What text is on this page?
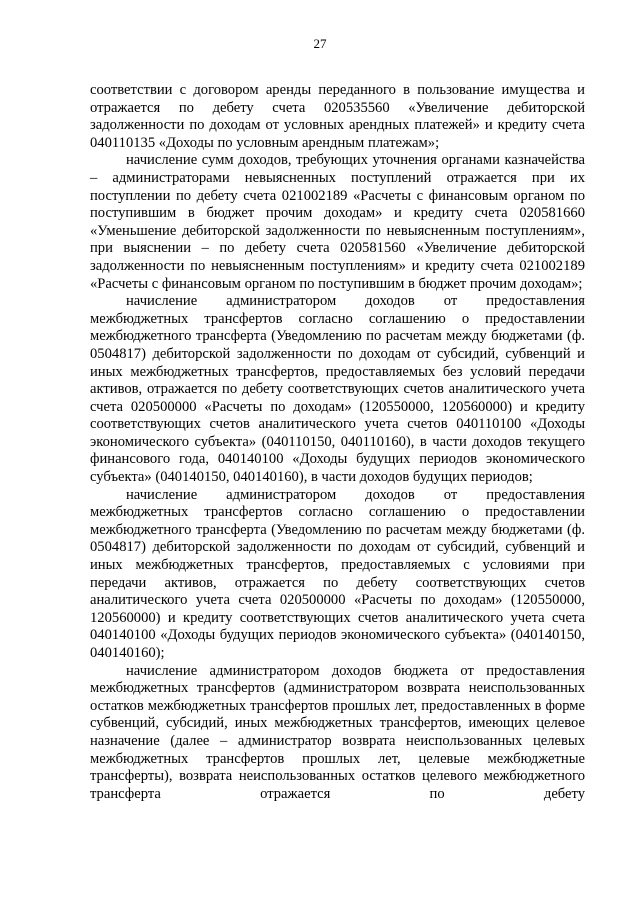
27

соответствии с договором аренды переданного в пользование имущества и отражается по дебету счета 020535560 «Увеличение дебиторской задолженности по доходам от условных арендных платежей» и кредиту счета 040110135 «Доходы по условным арендным платежам»;

начисление сумм доходов, требующих уточнения органами казначейства – администраторами невыясненных поступлений отражается при их поступлении по дебету счета 021002189 «Расчеты с финансовым органом по поступившим в бюджет прочим доходам» и кредиту счета 020581660 «Уменьшение дебиторской задолженности по невыясненным поступлениям», при выяснении – по дебету счета 020581560 «Увеличение дебиторской задолженности по невыясненным поступлениям» и кредиту счета 021002189 «Расчеты с финансовым органом по поступившим в бюджет прочим доходам»;

начисление администратором доходов от предоставления межбюджетных трансфертов согласно соглашению о предоставлении межбюджетного трансферта (Уведомлению по расчетам между бюджетами (ф. 0504817) дебиторской задолженности по доходам от субсидий, субвенций и иных межбюджетных трансфертов, предоставляемых без условий передачи активов, отражается по дебету соответствующих счетов аналитического учета счета 020500000 «Расчеты по доходам» (120550000, 120560000) и кредиту соответствующих счетов аналитического учета счетов 040110100 «Доходы экономического субъекта» (040110150, 040110160), в части доходов текущего финансового года, 040140100 «Доходы будущих периодов экономического субъекта» (040140150, 040140160), в части доходов будущих периодов;

начисление администратором доходов от предоставления межбюджетных трансфертов согласно соглашению о предоставлении межбюджетного трансферта (Уведомлению по расчетам между бюджетами (ф. 0504817) дебиторской задолженности по доходам от субсидий, субвенций и иных межбюджетных трансфертов, предоставляемых с условиями при передачи активов, отражается по дебету соответствующих счетов аналитического учета счета 020500000 «Расчеты по доходам» (120550000, 120560000) и кредиту соответствующих счетов аналитического учета счета 040140100 «Доходы будущих периодов экономического субъекта» (040140150, 040140160);

начисление администратором доходов бюджета от предоставления межбюджетных трансфертов (администратором возврата неиспользованных остатков межбюджетных трансфертов прошлых лет, предоставленных в форме субвенций, субсидий, иных межбюджетных трансфертов, имеющих целевое назначение (далее – администратор возврата неиспользованных целевых межбюджетных трансфертов прошлых лет, целевые межбюджетные трансферты), возврата неиспользованных остатков целевого межбюджетного трансферта отражается по дебету
